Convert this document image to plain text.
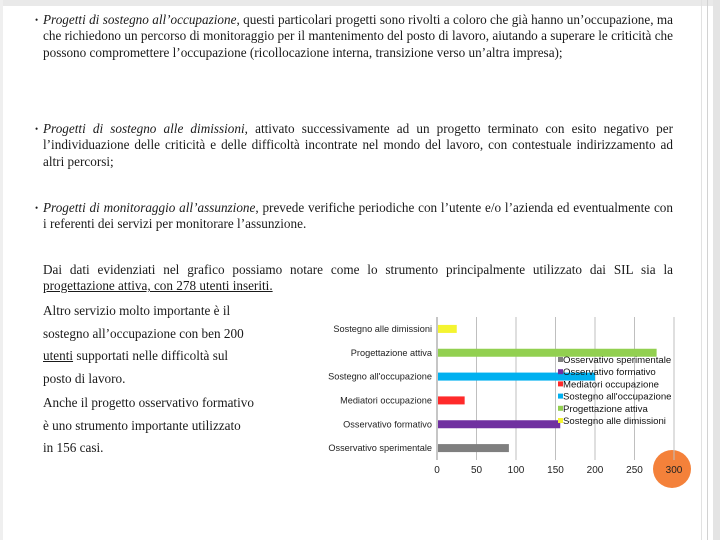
• Progetti di sostegno all’occupazione, questi particolari progetti sono rivolti a coloro che già hanno un’occupazione, ma che richiedono un percorso di monitoraggio per il mantenimento del posto di lavoro, aiutando a superare le criticità che possono compromettere l’occupazione (ricollocazione interna, transizione verso un’altra impresa);

• Progetti di sostegno alle dimissioni, attivato successivamente ad un progetto terminato con esito negativo per l’individuazione delle criticità e delle difficoltà incontrate nel mondo del lavoro, con contestuale indirizzamento ad altri percorsi;

• Progetti di monitoraggio all’assunzione, prevede verifiche periodiche con l’utente e/o l’azienda ed eventualmente con i referenti dei servizi per monitorare l’assunzione.

Dai dati evidenziati nel grafico possiamo notare come lo strumento principalmente utilizzato dai SIL sia la progettazione attiva, con 278 utenti inseriti.

Altro servizio molto importante è il
sostegno all’occupazione con ben 200
utenti supportati nelle difficoltà sul
posto di lavoro.
Anche il progetto osservativo formativo
è uno strumento importante utilizzato
in 156 casi.
Sostegno alle dimissioni
Progettazione attiva
Sostegno all'occupazione
Mediatori occupazione
Osservativo formativo
Osservativo sperimentale
0	50	100 150 200 250 300
Osservativo sperimentale
Osservativo formativo
Mediatori occupazione
Sostegno all'occupazione
Progettazione attiva
Sostegno alle dimissioni
